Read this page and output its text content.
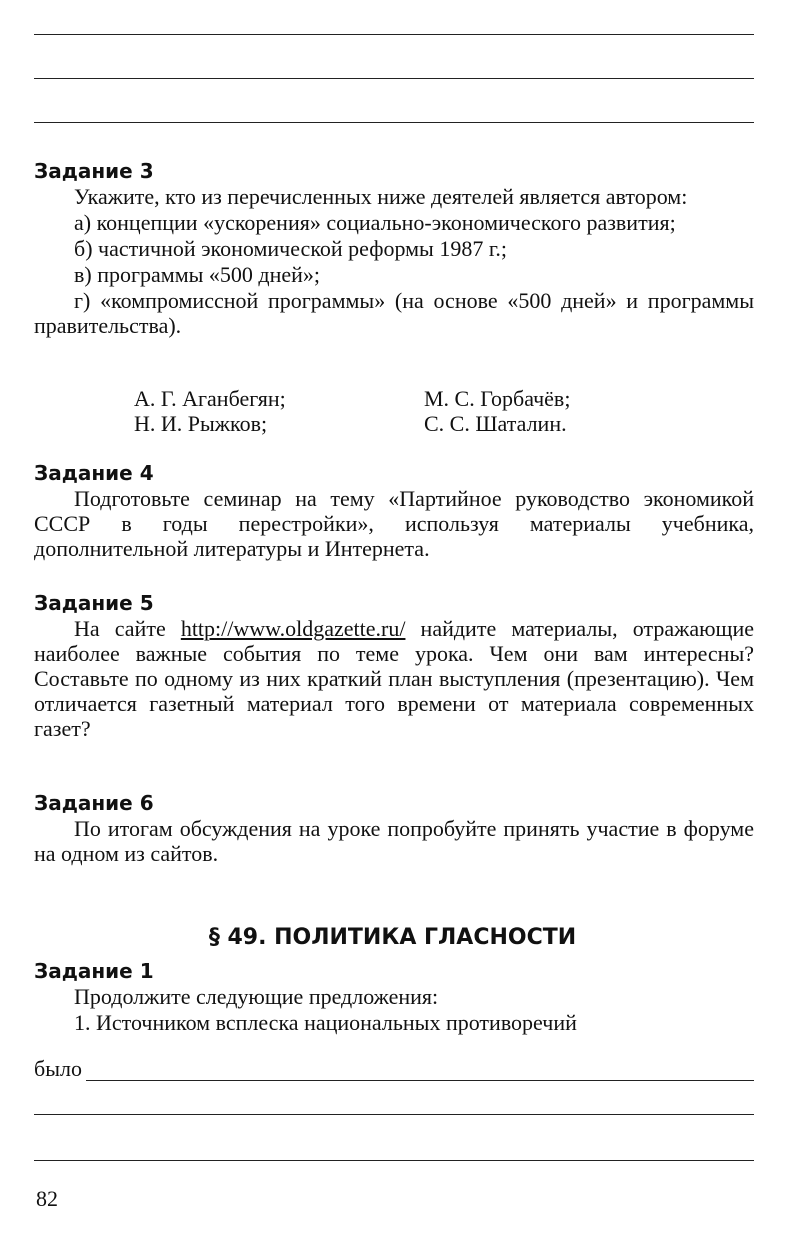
Задание 3

Укажите, кто из перечисленных ниже деятелей является автором:

а) концепции «ускорения» социально-экономического развития;

б) частичной экономической реформы 1987 г.;

в) программы «500 дней»;

г) «компромиссной программы» (на основе «500 дней» и программы правительства).

А. Г. Аганбегян;	М. С. Горбачёв;
Н. И. Рыжков;	С. С. Шаталин.
Задание 4

Подготовьте семинар на тему «Партийное руководство экономикой СССР в годы перестройки», используя материалы учебника, дополнительной литературы и Интернета.

Задание 5

На сайте http://www.oldgazette.ru/ найдите материалы, отражающие наиболее важные события по теме урока. Чем они вам интересны? Составьте по одному из них краткий план выступления (презентацию). Чем отличается газетный материал того времени от материала современных газет?

Задание 6

По итогам обсуждения на уроке попробуйте принять участие в форуме на одном из сайтов.

§ 49. ПОЛИТИКА ГЛАСНОСТИ
Задание 1

Продолжите следующие предложения:

1. Источником всплеска национальных противоречий

было
82
